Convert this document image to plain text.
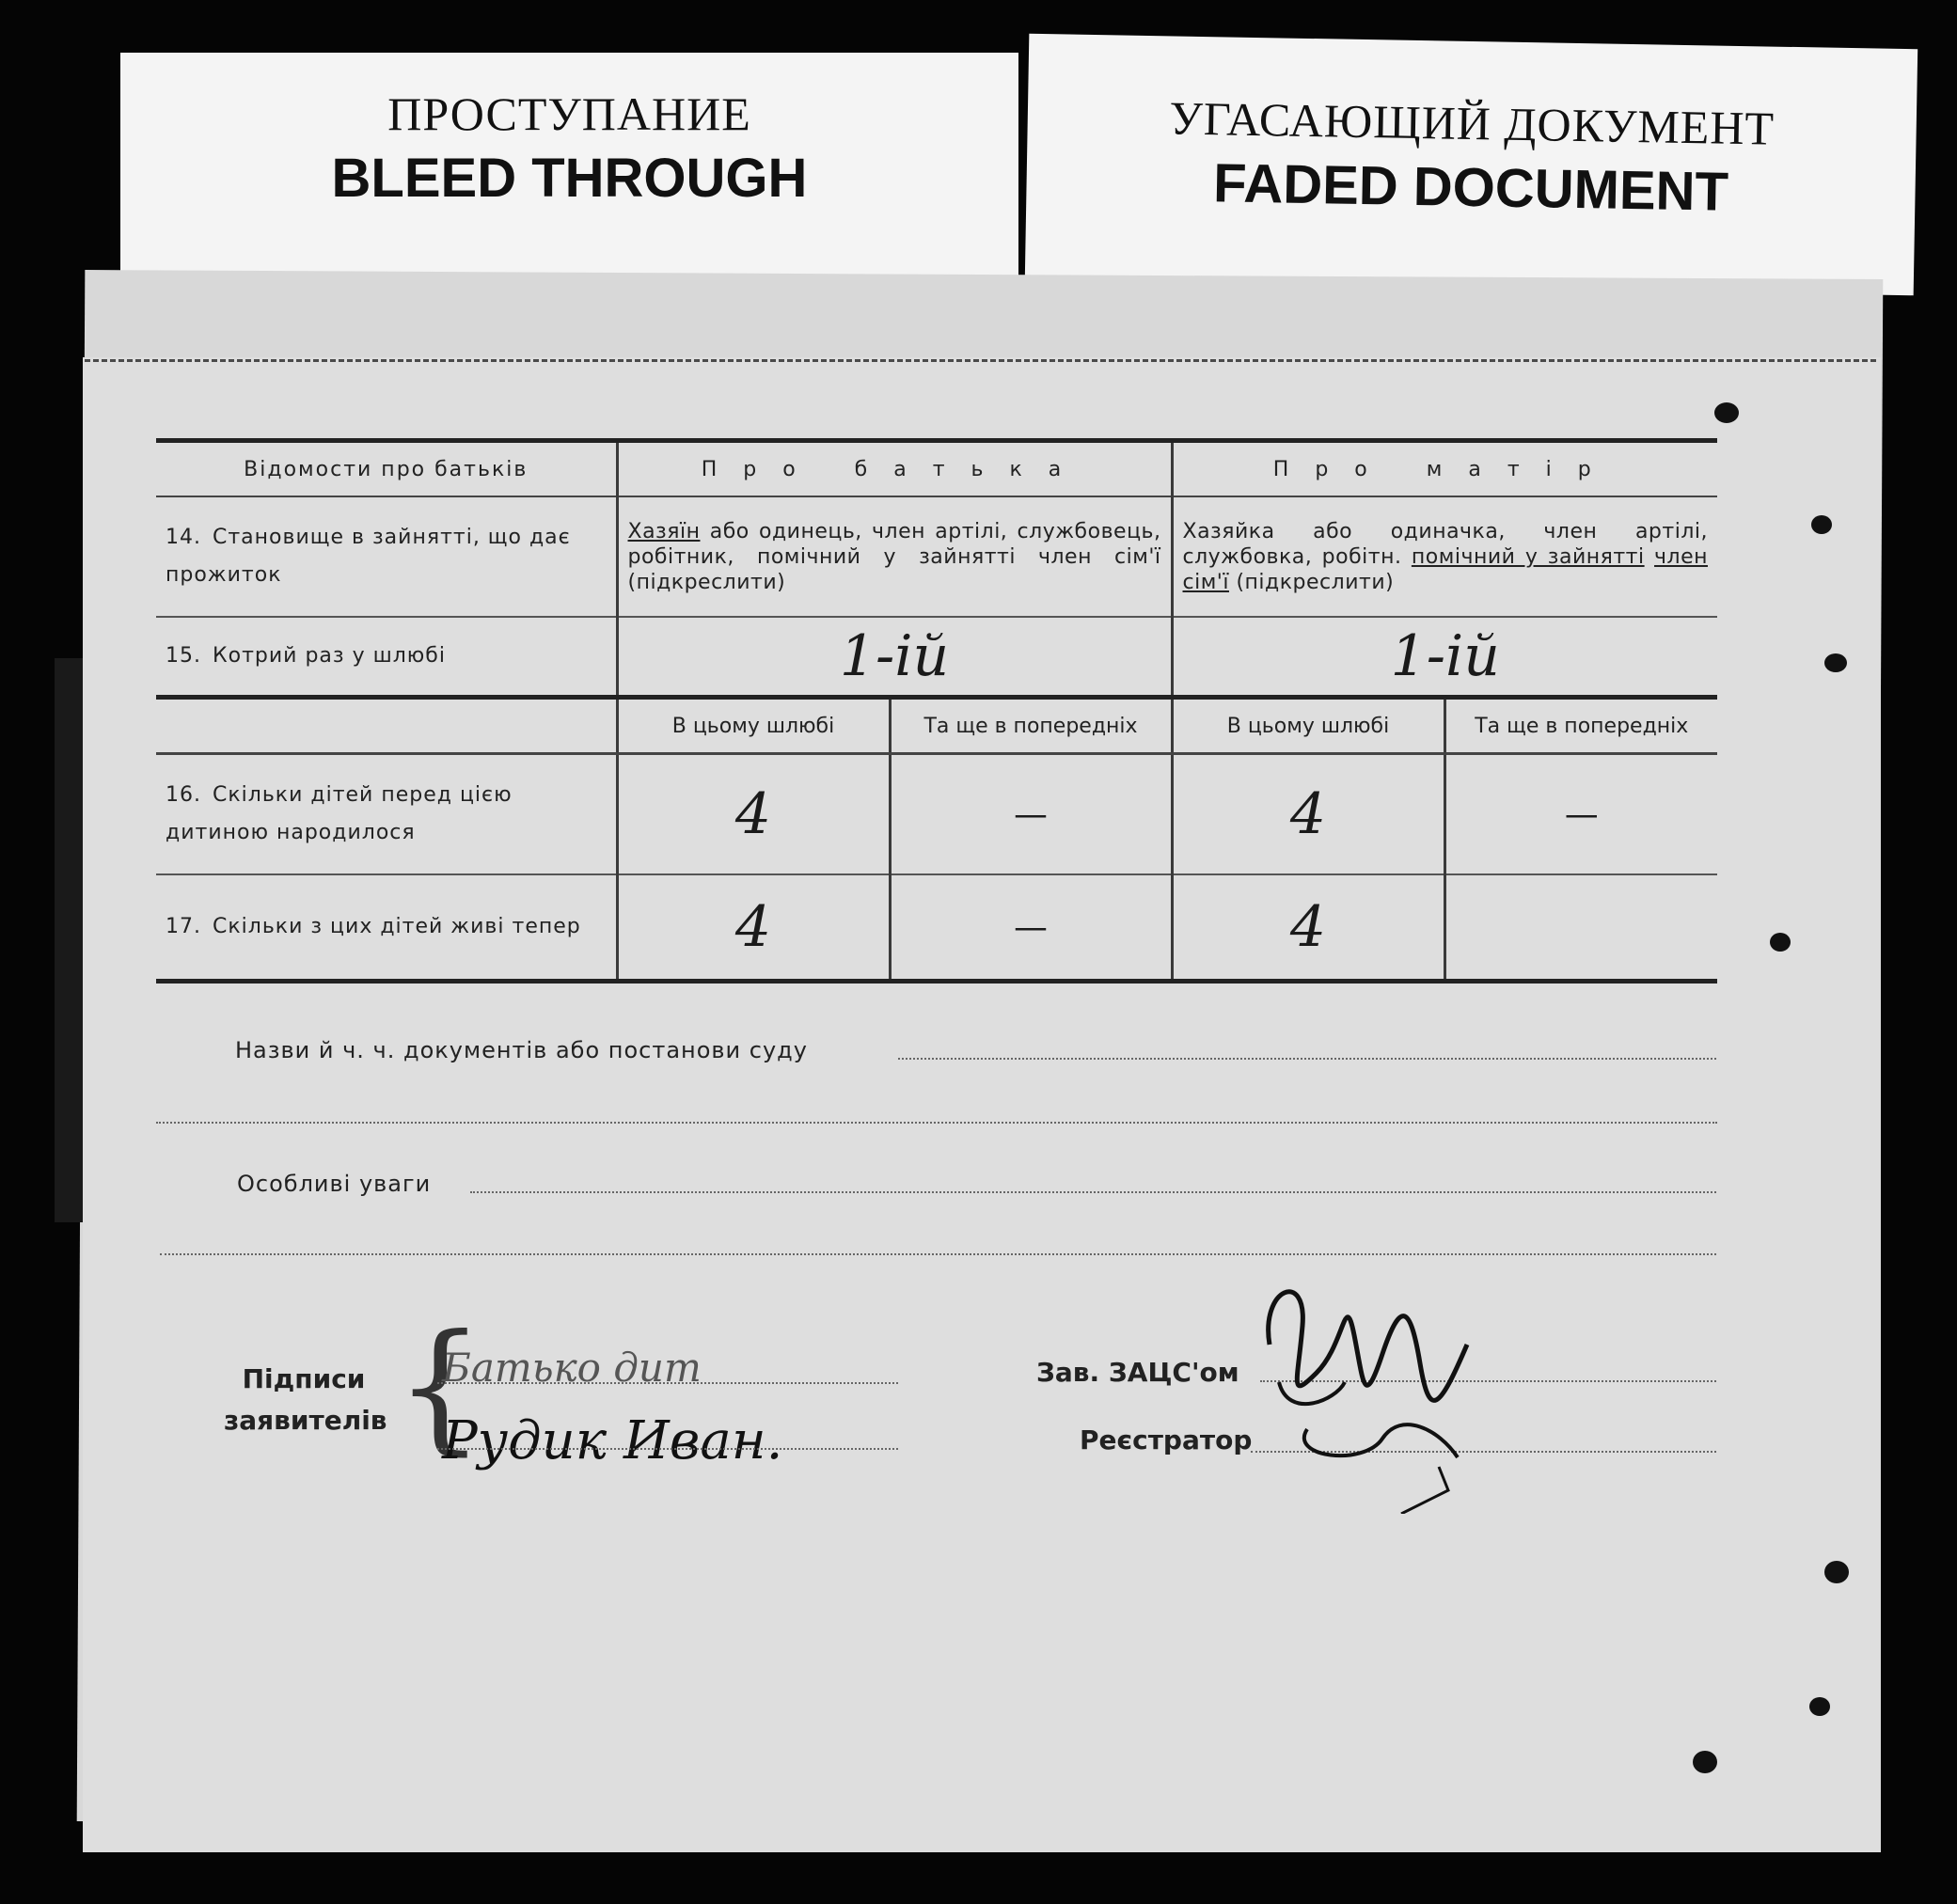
ПРОСТУПАНИЕ
BLEED THROUGH
УГАСАЮЩИЙ ДОКУМЕНТ
FADED DOCUMENT
Відомости про батьків	Про батька		Про матір	
14. Становище в зайнятті, що дає прожиток	Хазяїн або одинець, член артілі, службовець, робітник, помічний у зайнятті член сім'ї (підкреслити)		Хазяйка або одиначка, член артілі, службовка, робітн. помічний у зайнятті член сім'ї (підкреслити)	
15. Котрий раз у шлюбі	1-ій		1-ій	
	В цьому шлюбі	Та ще в попередніх	В цьому шлюбі	Та ще в попередніх
16. Скільки дітей перед цією дитиною народилося	4	—	4	—
17. Скільки з цих дітей живі тепер	4	—	4	
Назви й ч. ч. документів або постанови суду
Особливі уваги
Підписи
заявителів {
Батько дит
Рудик Иван.
Зав. ЗАЦС'ом
Реєстратор
